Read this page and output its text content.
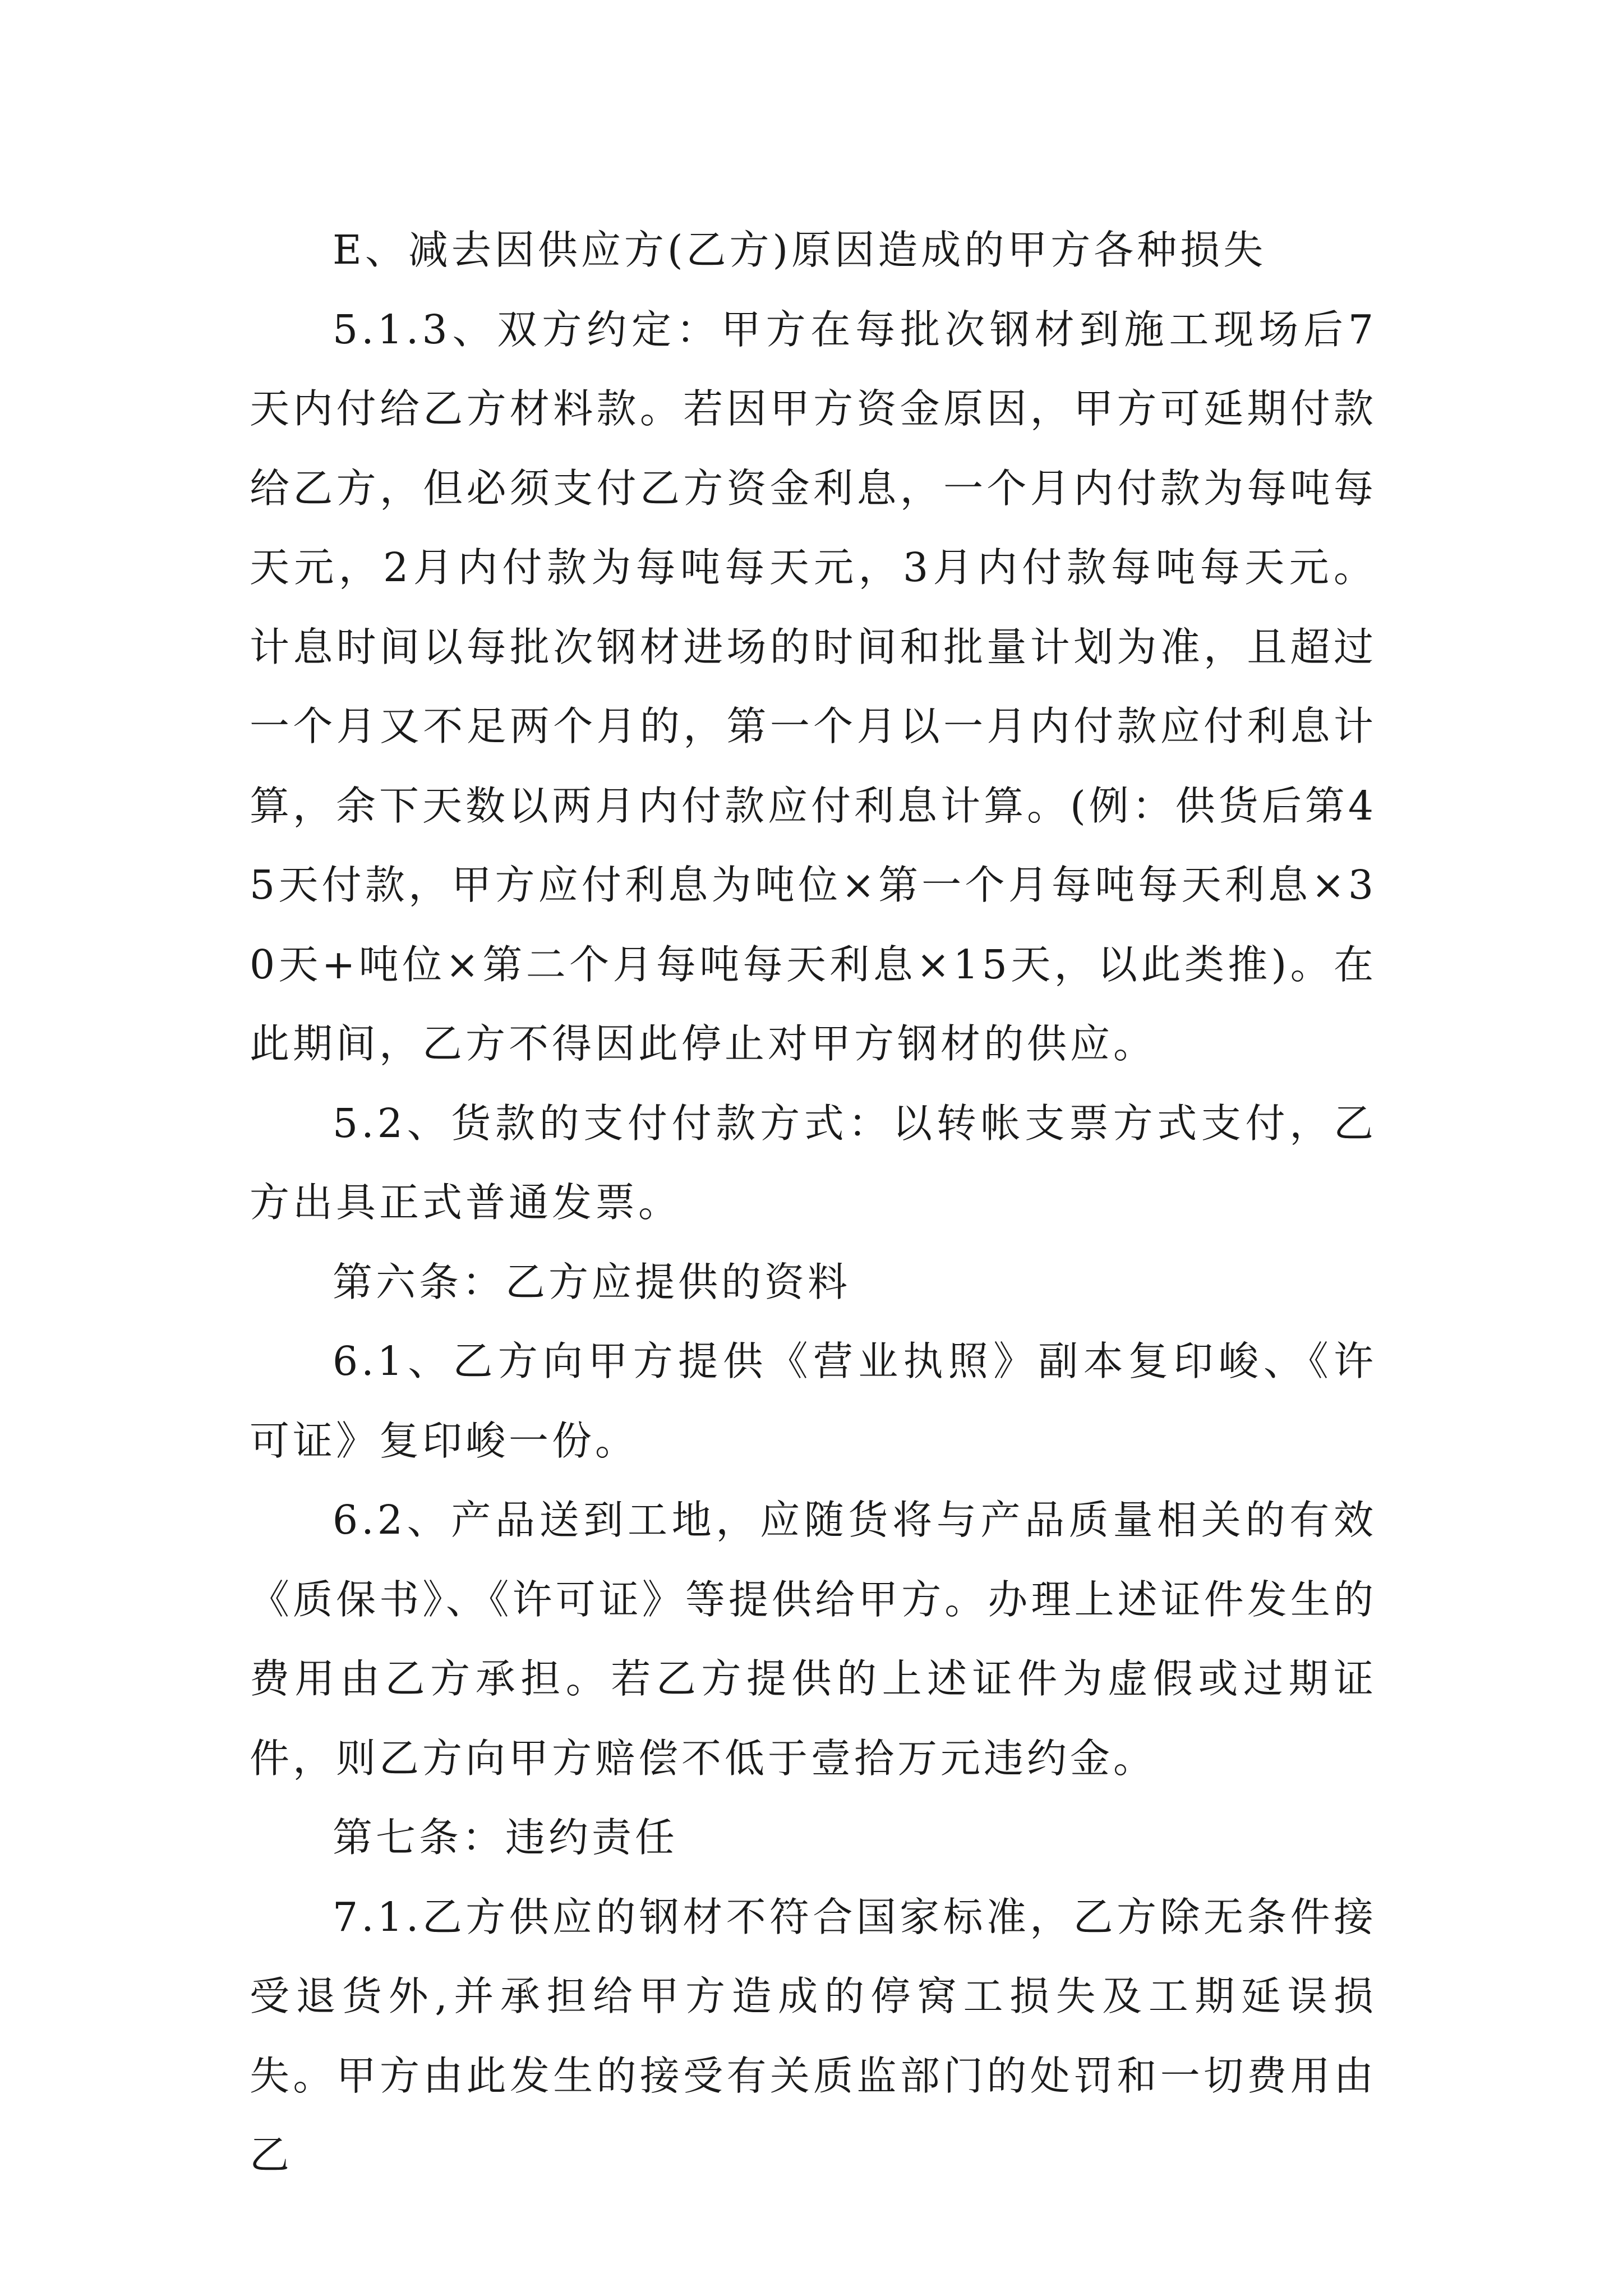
E、减去因供应方(乙方)原因造成的甲方各种损失

5.1.3、双方约定：甲方在每批次钢材到施工现场后7天内付给乙方材料款。若因甲方资金原因，甲方可延期付款给乙方，但必须支付乙方资金利息，一个月内付款为每吨每天元，2月内付款为每吨每天元，3月内付款每吨每天元。计息时间以每批次钢材进场的时间和批量计划为准，且超过一个月又不足两个月的，第一个月以一月内付款应付利息计算，余下天数以两月内付款应付利息计算。(例：供货后第45天付款，甲方应付利息为吨位×第一个月每吨每天利息×30天+吨位×第二个月每吨每天利息×15天，以此类推)。在此期间，乙方不得因此停止对甲方钢材的供应。

5.2、货款的支付付款方式：以转帐支票方式支付，乙方出具正式普通发票。

第六条：乙方应提供的资料

6.1、乙方向甲方提供《营业执照》副本复印峻、《许可证》复印峻一份。

6.2、产品送到工地，应随货将与产品质量相关的有效《质保书》、《许可证》等提供给甲方。办理上述证件发生的费用由乙方承担。若乙方提供的上述证件为虚假或过期证件，则乙方向甲方赔偿不低于壹拾万元违约金。

第七条：违约责任

7.1.乙方供应的钢材不符合国家标准，乙方除无条件接受退货外,并承担给甲方造成的停窝工损失及工期延误损失。甲方由此发生的接受有关质监部门的处罚和一切费用由乙
